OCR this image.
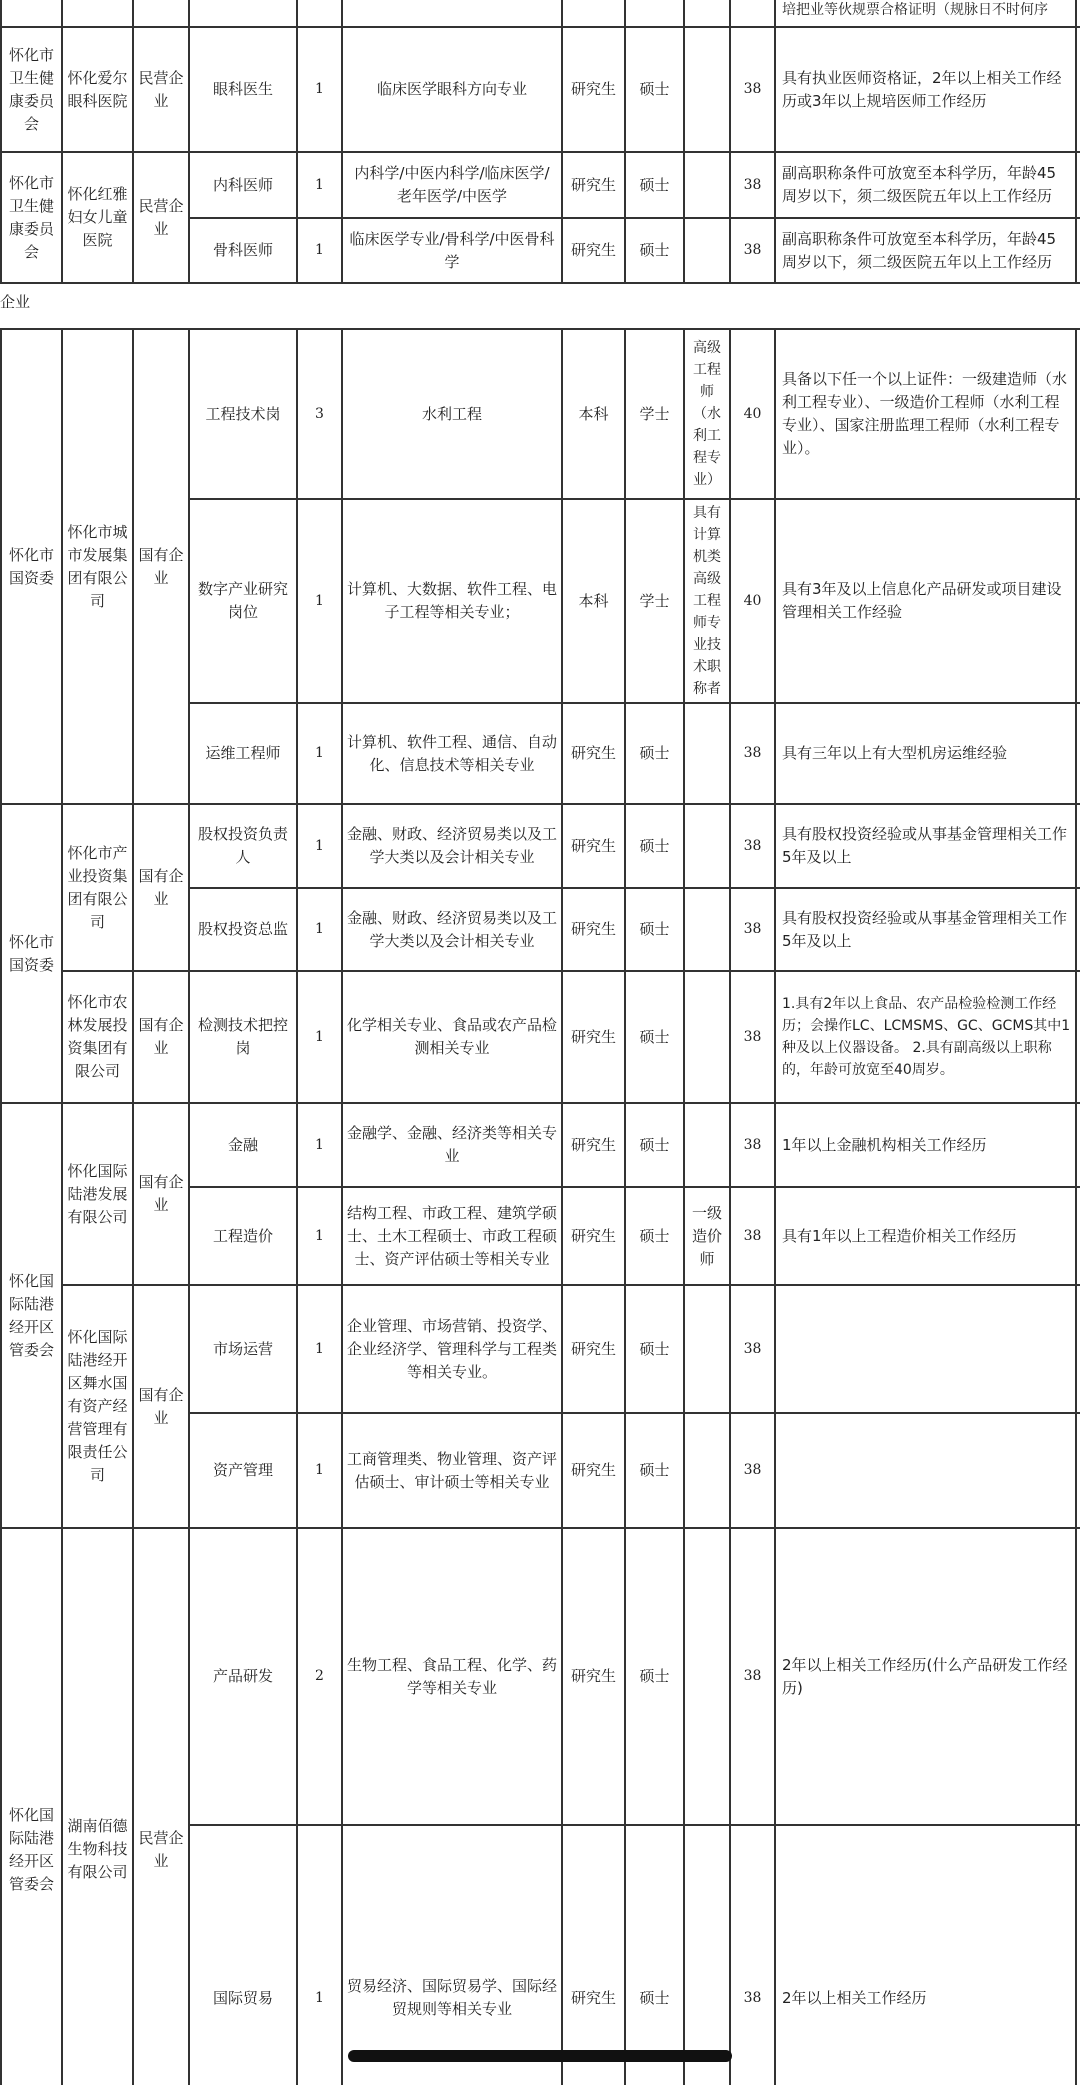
										培把业等伙规票合格证明（规脉日不时何序	
怀化市卫生健康委员会	怀化爱尔眼科医院	民营企业	眼科医生	1	临床医学眼科方向专业	研究生	硕士		38	具有执业医师资格证，2年以上相关工作经历或3年以上规培医师工作经历	
怀化市卫生健康委员会	怀化红雅妇女儿童医院	民营企业	内科医师	1	内科学/中医内科学/临床医学/老年医学/中医学	研究生	硕士		38	副高职称条件可放宽至本科学历，年龄45周岁以下，须二级医院五年以上工作经历	
			骨科医师	1	临床医学专业/骨科学/中医骨科学	研究生	硕士		38	副高职称条件可放宽至本科学历，年龄45周岁以下，须二级医院五年以上工作经历	
企业
怀化市国资委	怀化市城市发展集团有限公司	国有企业	工程技术岗	3	水利工程	本科	学士	高级工程师（水利工程专业）	40	具备以下任一个以上证件：一级建造师（水利工程专业）、一级造价工程师（水利工程专业）、国家注册监理工程师（水利工程专业）。	
			数字产业研究岗位	1	计算机、大数据、软件工程、电子工程等相关专业；	本科	学士	具有计算机类高级工程师专业技术职称者	40	具有3年及以上信息化产品研发或项目建设管理相关工作经验	
			运维工程师	1	计算机、软件工程、通信、自动化、信息技术等相关专业	研究生	硕士		38	具有三年以上有大型机房运维经验	
怀化市国资委	怀化市产业投资集团有限公司	国有企业	股权投资负责人	1	金融、财政、经济贸易类以及工学大类以及会计相关专业	研究生	硕士		38	具有股权投资经验或从事基金管理相关工作5年及以上	
			股权投资总监	1	金融、财政、经济贸易类以及工学大类以及会计相关专业	研究生	硕士		38	具有股权投资经验或从事基金管理相关工作5年及以上	
	怀化市农林发展投资集团有限公司	国有企业	检测技术把控岗	1	化学相关专业、食品或农产品检测相关专业	研究生	硕士		38	1.具有2年以上食品、农产品检验检测工作经历；会操作LC、LCMSMS、GC、GCMS其中1种及以上仪器设备。 2.具有副高级以上职称的，年龄可放宽至40周岁。	
怀化国际陆港经开区管委会	怀化国际陆港发展有限公司	国有企业	金融	1	金融学、金融、经济类等相关专业	研究生	硕士		38	1年以上金融机构相关工作经历	
			工程造价	1	结构工程、市政工程、建筑学硕士、土木工程硕士、市政工程硕士、资产评估硕士等相关专业	研究生	硕士	一级造价师	38	具有1年以上工程造价相关工作经历	
	怀化国际陆港经开区舞水国有资产经营管理有限责任公司	国有企业	市场运营	1	企业管理、市场营销、投资学、企业经济学、管理科学与工程类等相关专业。	研究生	硕士		38		
			资产管理	1	工商管理类、物业管理、资产评估硕士、审计硕士等相关专业	研究生	硕士		38		
怀化国际陆港经开区管委会	湖南佰德生物科技有限公司	民营企业	产品研发	2	生物工程、食品工程、化学、药学等相关专业	研究生	硕士		38	2年以上相关工作经历(什么产品研发工作经历)	
			国际贸易	1	贸易经济、国际贸易学、国际经贸规则等相关专业	研究生	硕士		38	2年以上相关工作经历	
